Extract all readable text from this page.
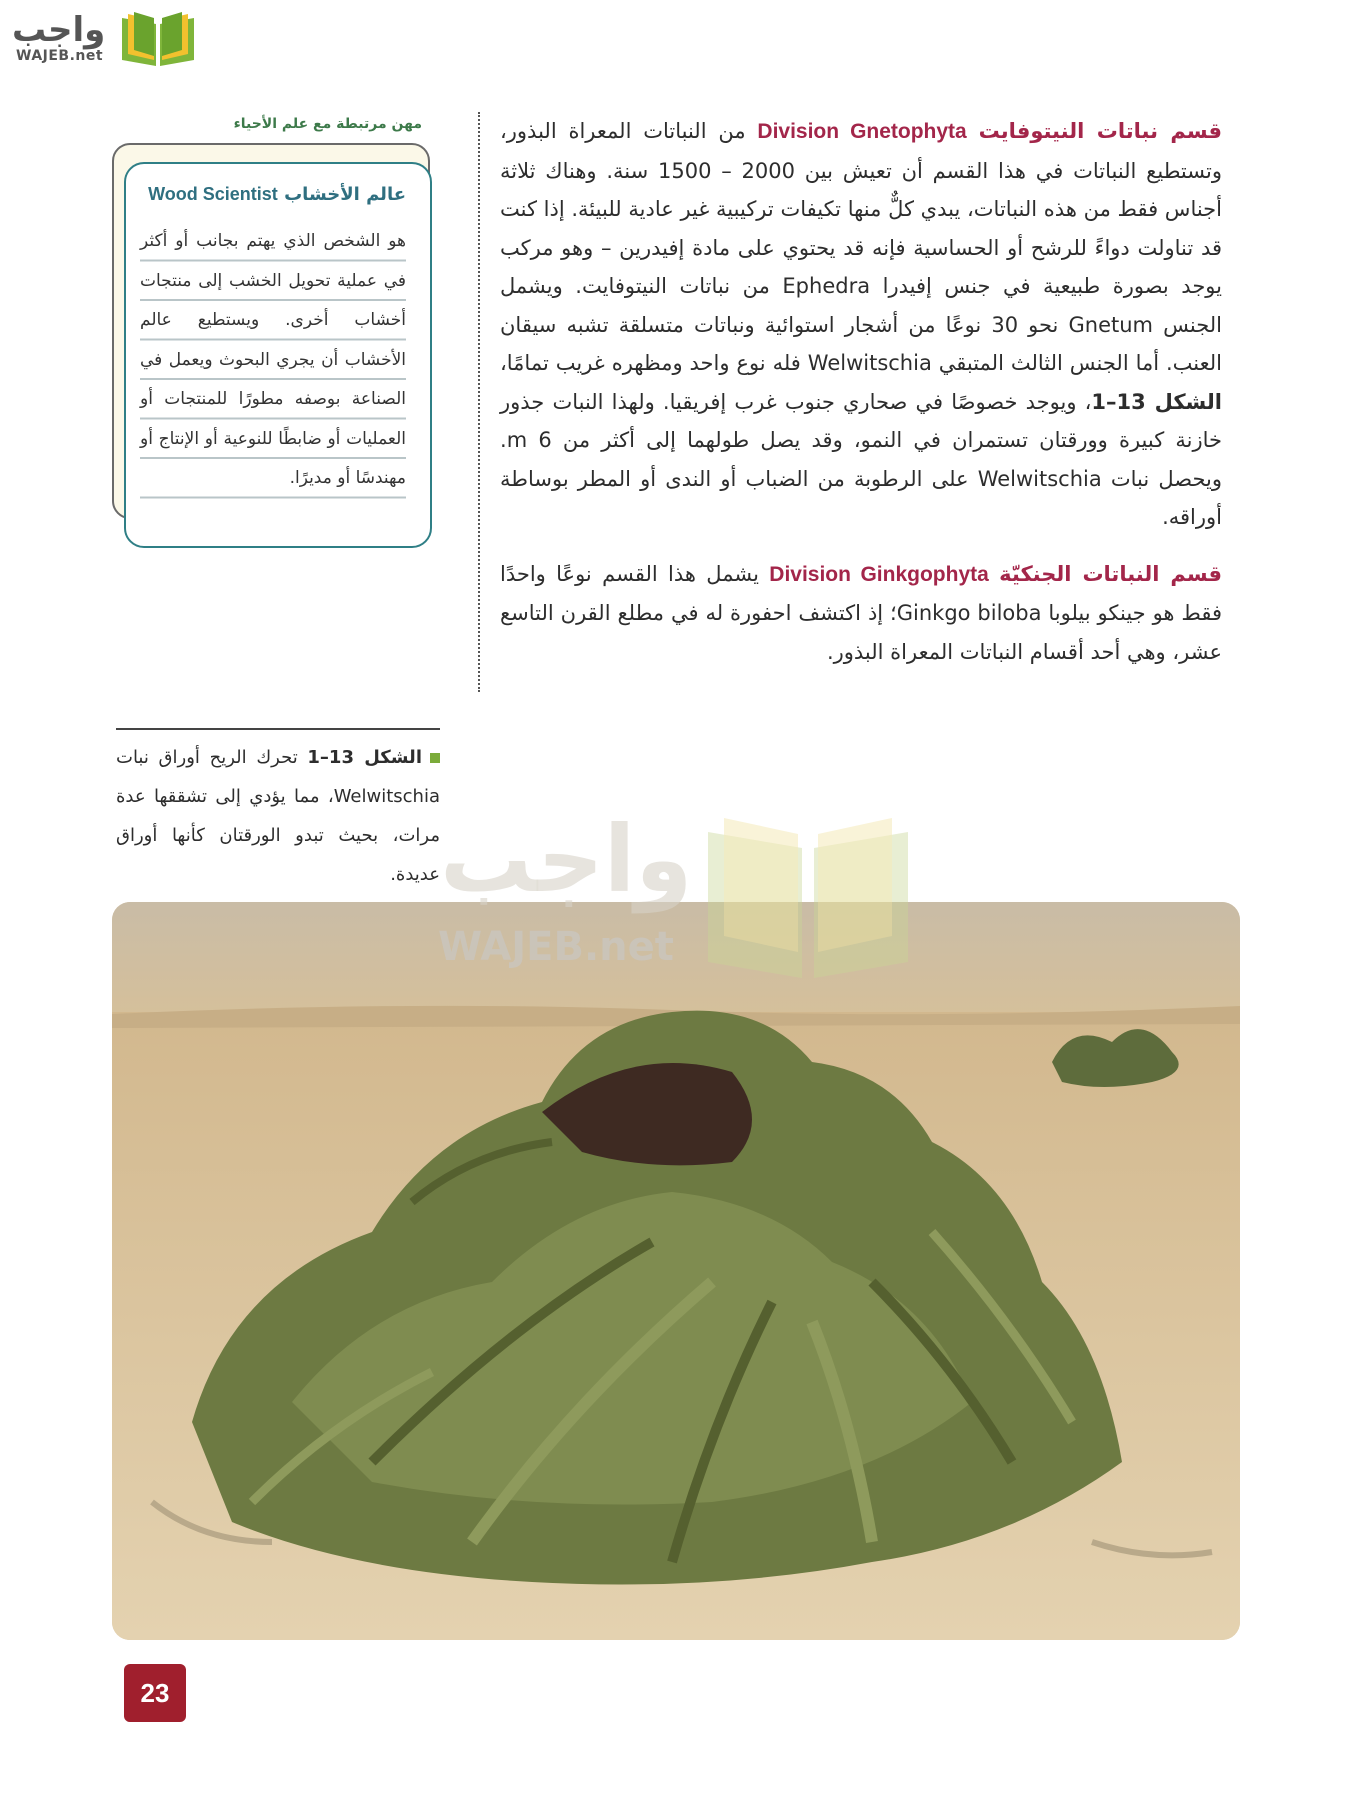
واجب
WAJEB.net

قسم نباتات النيتوفايت Division Gnetophyta من النباتات المعراة البذور، وتستطيع النباتات في هذا القسم أن تعيش بين 2000 – 1500 سنة. وهناك ثلاثة أجناس فقط من هذه النباتات، يبدي كلٌّ منها تكيفات تركيبية غير عادية للبيئة. إذا كنت قد تناولت دواءً للرشح أو الحساسية فإنه قد يحتوي على مادة إفيدرين – وهو مركب يوجد بصورة طبيعية في جنس إفيدرا Ephedra من نباتات النيتوفايت. ويشمل الجنس Gnetum نحو 30 نوعًا من أشجار استوائية ونباتات متسلقة تشبه سيقان العنب. أما الجنس الثالث المتبقي Welwitschia فله نوع واحد ومظهره غريب تمامًا، الشكل 13–1، ويوجد خصوصًا في صحاري جنوب غرب إفريقيا. ولهذا النبات جذور خازنة كبيرة وورقتان تستمران في النمو، وقد يصل طولهما إلى أكثر من 6 m. ويحصل نبات Welwitschia على الرطوبة من الضباب أو الندى أو المطر بوساطة أوراقه.

قسم النباتات الجنكيّة Division Ginkgophyta يشمل هذا القسم نوعًا واحدًا فقط هو جينكو بيلوبا Ginkgo biloba؛ إذ اكتشف احفورة له في مطلع القرن التاسع عشر، وهي أحد أقسام النباتات المعراة البذور.

مهن مرتبطة مع علم الأحياء
عالم الأخشاب Wood Scientist
هو الشخص الذي يهتم بجانب أو أكثر في عملية تحويل الخشب إلى منتجات أخشاب أخرى. ويستطيع عالم الأخشاب أن يجري البحوث ويعمل في الصناعة بوصفه مطورًا للمنتجات أو العمليات أو ضابطًا للنوعية أو الإنتاج أو مهندسًا أو مديرًا.
الشكل 13–1 تحرك الريح أوراق نبات Welwitschia، مما يؤدي إلى تشققها عدة مرات، بحيث تبدو الورقتان كأنها أوراق عديدة. واجب
WAJEB.net
23
